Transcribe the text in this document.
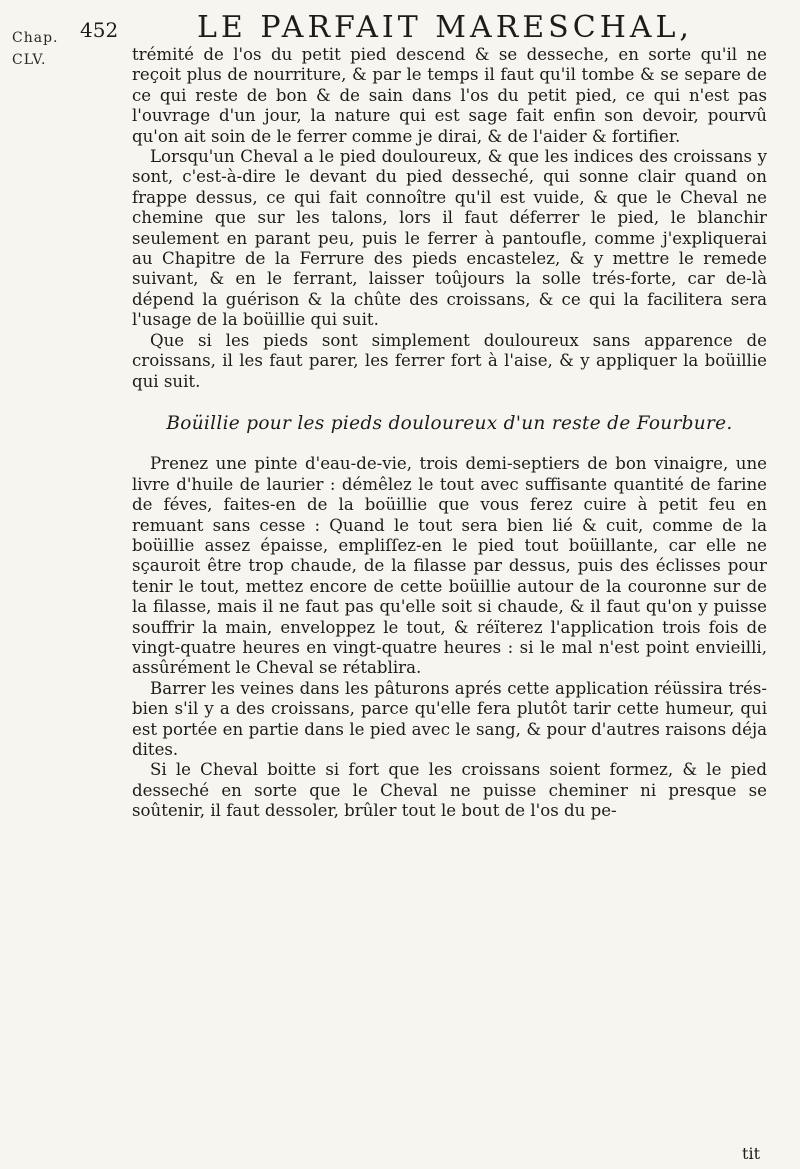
Chap.
CLV.
452	LE PARFAIT MARESCHAL,

trémité de l'os du petit pied descend & se desseche, en sorte qu'il ne reçoit plus de nourriture, & par le temps il faut qu'il tombe & se separe de ce qui reste de bon & de sain dans l'os du petit pied, ce qui n'est pas l'ouvrage d'un jour, la nature qui est sage fait enfin son devoir, pourvû qu'on ait soin de le ferrer comme je dirai, & de l'aider & fortifier.

Lorsqu'un Cheval a le pied douloureux, & que les indices des croissans y sont, c'est-à-dire le devant du pied desseché, qui sonne clair quand on frappe dessus, ce qui fait connoître qu'il est vuide, & que le Cheval ne chemine que sur les talons, lors il faut déferrer le pied, le blanchir seulement en parant peu, puis le ferrer à pantoufle, comme j'expliquerai au Chapitre de la Ferrure des pieds encastelez, & y mettre le remede suivant, & en le ferrant, laisser toûjours la solle trés-forte, car de-là dépend la guérison & la chûte des croissans, & ce qui la facilitera sera l'usage de la boüillie qui suit.

Que si les pieds sont simplement douloureux sans apparence de croissans, il les faut parer, les ferrer fort à l'aise, & y appliquer la boüillie qui suit.

Boüillie pour les pieds douloureux d'un reste de Fourbure.

Prenez une pinte d'eau-de-vie, trois demi-septiers de bon vinaigre, une livre d'huile de laurier : démêlez le tout avec suffisante quantité de farine de féves, faites-en de la boüillie que vous ferez cuire à petit feu en remuant sans cesse : Quand le tout sera bien lié & cuit, comme de la boüillie assez épaisse, empliſſez-en le pied tout boüillante, car elle ne sçauroit être trop chaude, de la filasse par dessus, puis des éclisses pour tenir le tout, mettez encore de cette boüillie autour de la couronne sur de la filasse, mais il ne faut pas qu'elle soit si chaude, & il faut qu'on y puisse souffrir la main, enveloppez le tout, & réïterez l'application trois fois de vingt-quatre heures en vingt-quatre heures : si le mal n'est point envieilli, assûrément le Cheval se rétablira.

Barrer les veines dans les pâturons aprés cette application réüssira trés-bien s'il y a des croissans, parce qu'elle fera plutôt tarir cette humeur, qui est portée en partie dans le pied avec le sang, & pour d'autres raisons déja dites.

Si le Cheval boitte si fort que les croissans soient formez, & le pied desseché en sorte que le Cheval ne puisse cheminer ni presque se soûtenir, il faut dessoler, brûler tout le bout de l'os du pe-

tit
